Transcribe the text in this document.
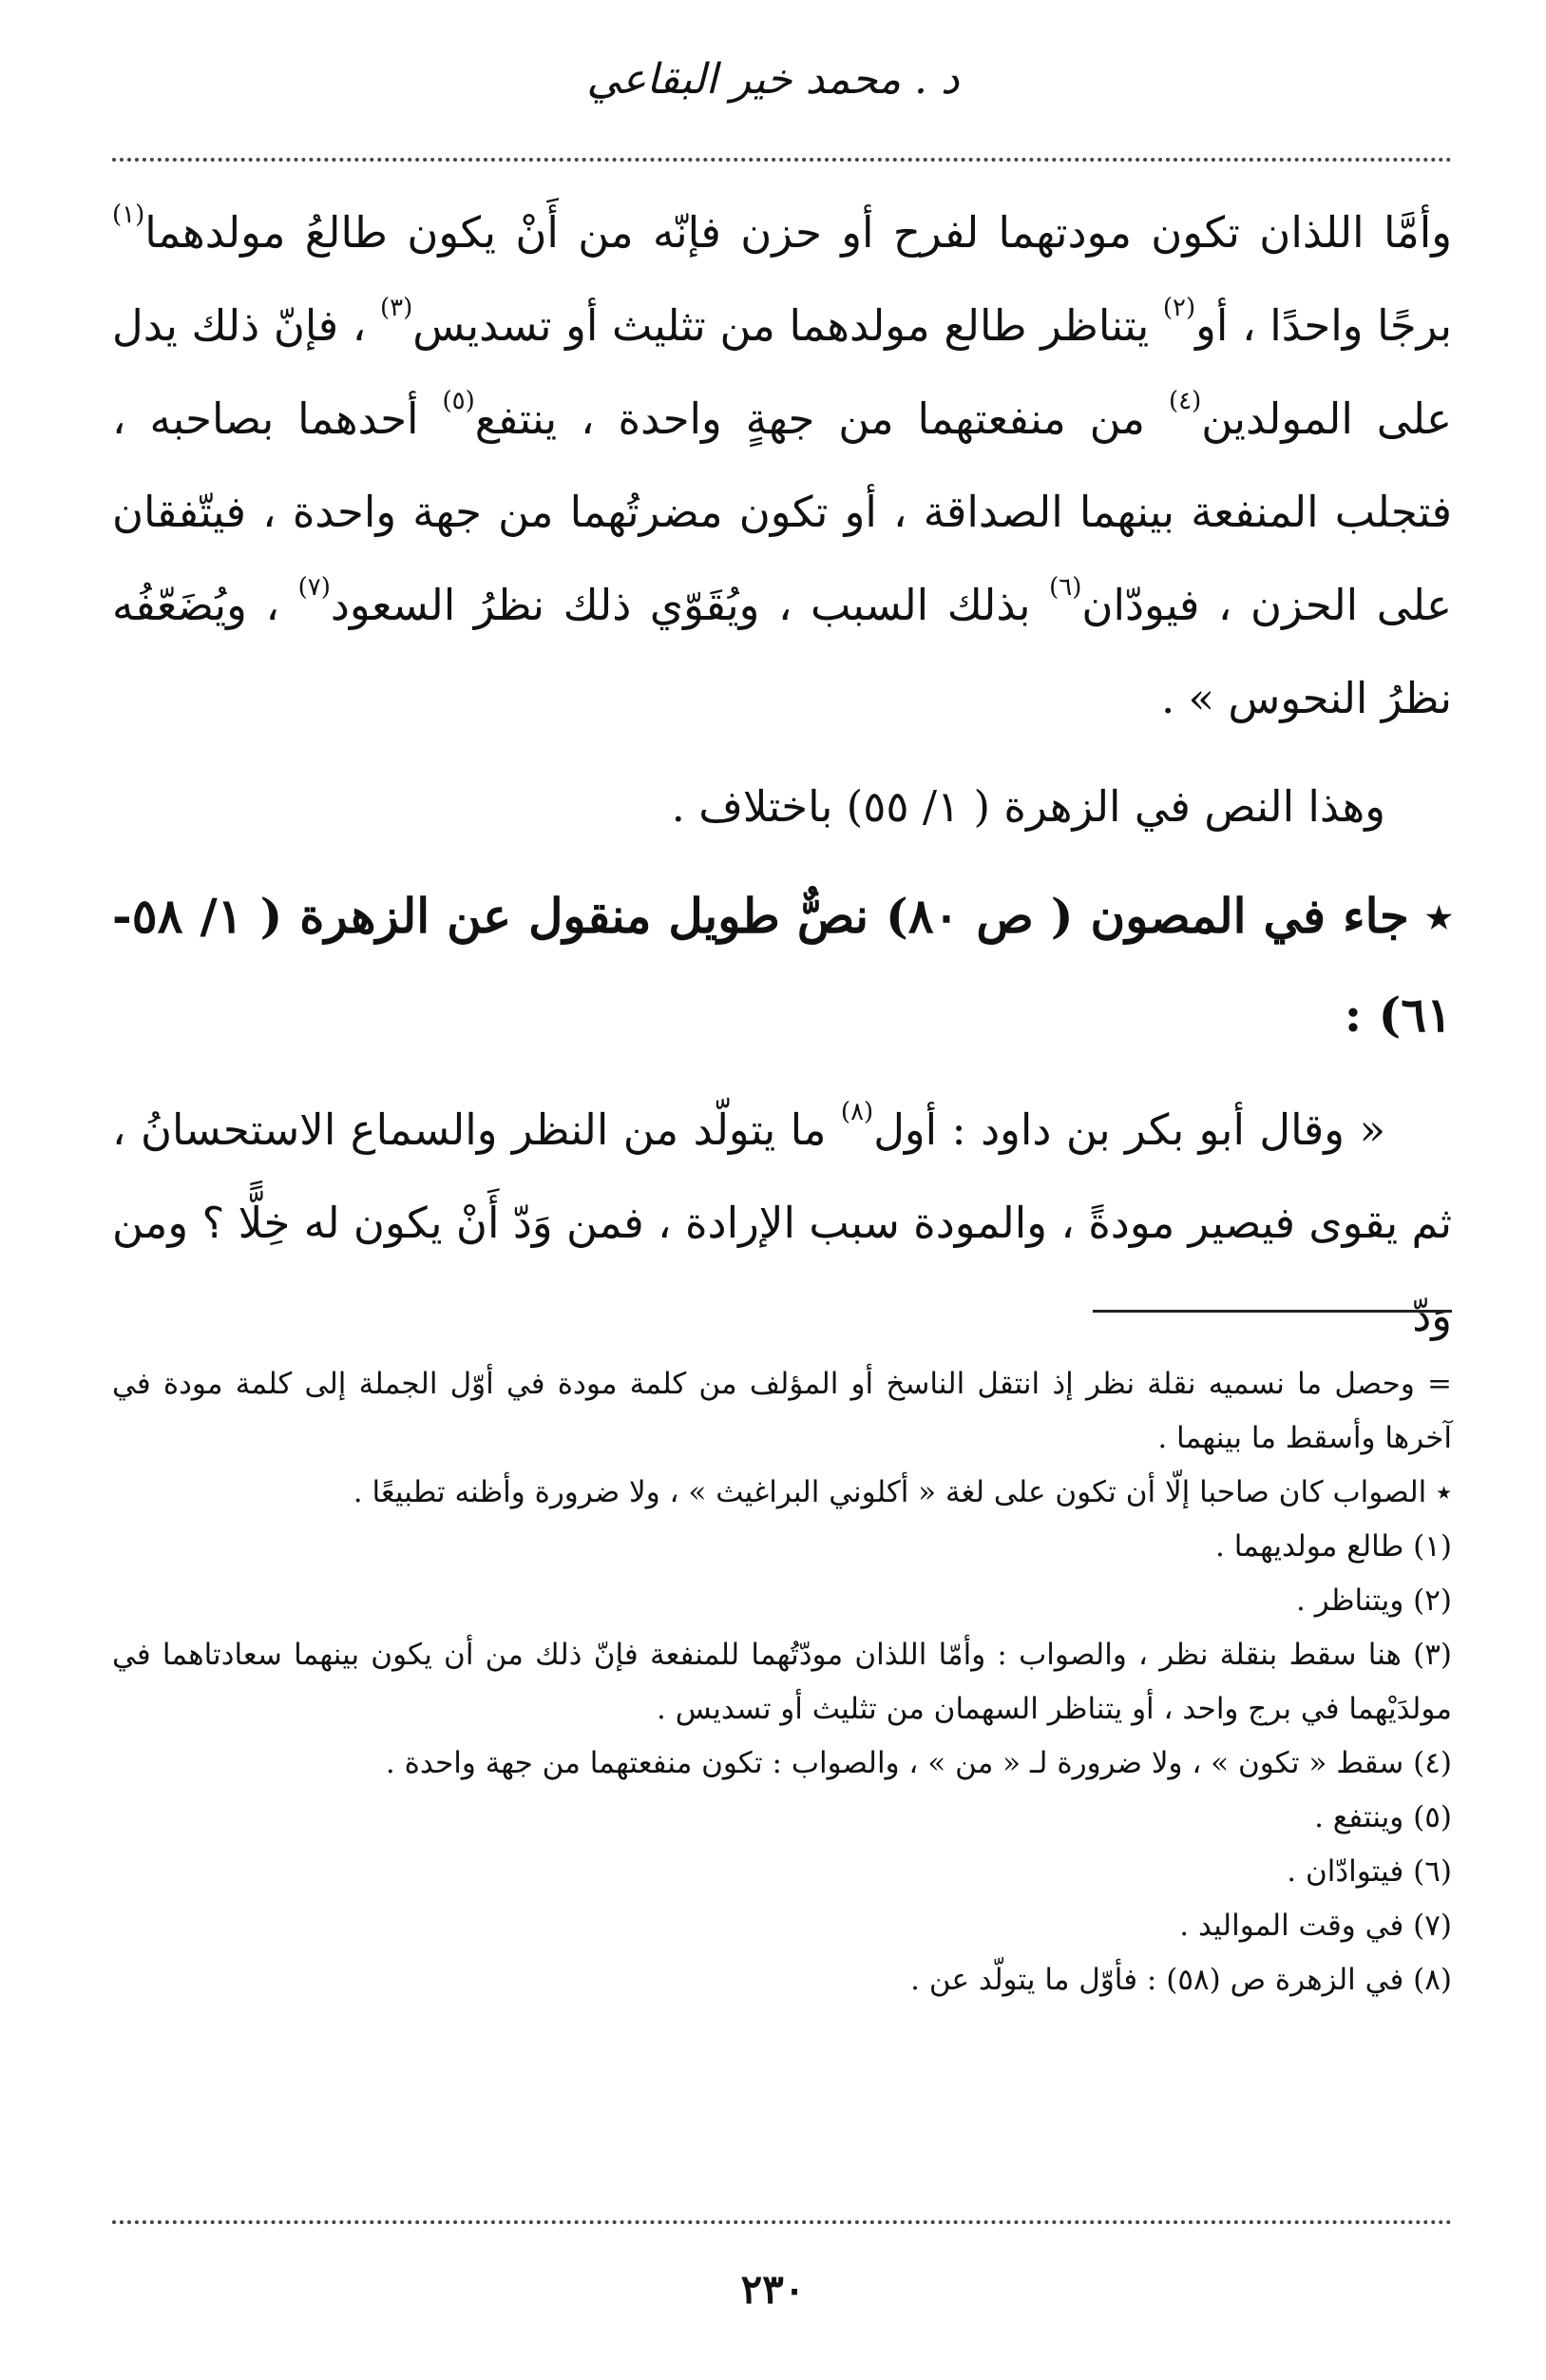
د . محمد خير البقاعي

وأمَّا اللذان تكون مودتهما لفرح أو حزن فإنّه من أَنْ يكون طالعُ مولدهما$^{(١)}$ برجًا واحدًا ، أو$^{(٢)}$ يتناظر طالع مولدهما من تثليث أو تسديس$^{(٣)}$ ، فإنّ ذلك يدل على المولدين$^{(٤)}$ من منفعتهما من جهةٍ واحدة ، ينتفع$^{(٥)}$ أحدهما بصاحبه ، فتجلب المنفعة بينهما الصداقة ، أو تكون مضرتُهما من جهة واحدة ، فيتّفقان على الحزن ، فيودّان$^{(٦)}$ بذلك السبب ، ويُقَوّي ذلك نظرُ السعود$^{(٧)}$ ، ويُضَعّفُه نظرُ النحوس » .

وهذا النص في الزهرة ( ١/ ٥٥) باختلاف .

٭ جاء في المصون ( ص ٨٠) نصٌّ طويل منقول عن الزهرة ( ١/ ٥٨- ٦١) :

« وقال أبو بكر بن داود : أول$^{(٨)}$ ما يتولّد من النظر والسماع الاستحسانُ ، ثم يقوى فيصير مودةً ، والمودة سبب الإرادة ، فمن وَدّ أَنْ يكون له خِلًّا ؟ ومن وَدّ

= وحصل ما نسميه نقلة نظر إذ انتقل الناسخ أو المؤلف من كلمة مودة في أوّل الجملة إلى كلمة مودة في آخرها وأسقط ما بينهما .

٭ الصواب كان صاحبا إلّا أن تكون على لغة « أكلوني البراغيث » ، ولا ضرورة وأظنه تطبيعًا .

(١) طالع مولديهما .

(٢) ويتناظر .

(٣) هنا سقط بنقلة نظر ، والصواب : وأمّا اللذان مودّتُهما للمنفعة فإنّ ذلك من أن يكون بينهما سعادتاهما في مولدَيْهما في برج واحد ، أو يتناظر السهمان من تثليث أو تسديس .

(٤) سقط « تكون » ، ولا ضرورة لـ « من » ، والصواب : تكون منفعتهما من جهة واحدة .

(٥) وينتفع .

(٦) فيتوادّان .

(٧) في وقت المواليد .

(٨) في الزهرة ص (٥٨) : فأوّل ما يتولّد عن .

٢٣٠
